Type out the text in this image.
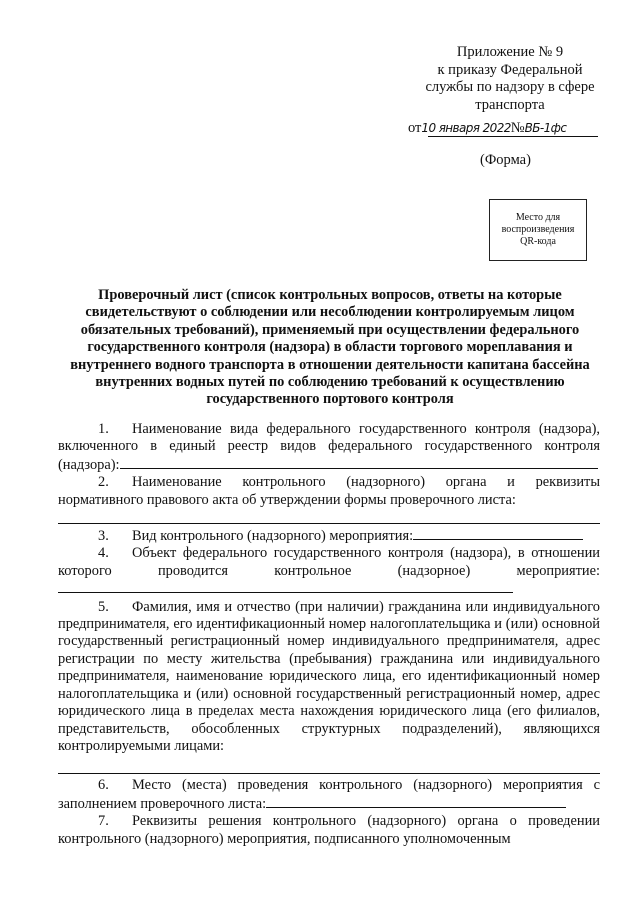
Приложение № 9
к приказу Федеральной
службы по надзору в сфере
транспорта
от10 января 2022№ВБ-1фс
(Форма)
Место для воспроизведения QR-кода
Проверочный лист (список контрольных вопросов, ответы на которые свидетельствуют о соблюдении или несоблюдении контролируемым лицом обязательных требований), применяемый при осуществлении федерального государственного контроля (надзора) в области торгового мореплавания и внутреннего водного транспорта в отношении деятельности капитана бассейна внутренних водных путей по соблюдению требований к осуществлению государственного портового контроля

1. Наименование вида федерального государственного контроля (надзора), включенного в единый реестр видов федерального государственного контроля (надзора):

2. Наименование контрольного (надзорного) органа и реквизиты нормативного правового акта об утверждении формы проверочного листа:

3. Вид контрольного (надзорного) мероприятия:

4. Объект федерального государственного контроля (надзора), в отношении которого проводится контрольное (надзорное) мероприятие:

5. Фамилия, имя и отчество (при наличии) гражданина или индивидуального предпринимателя, его идентификационный номер налогоплательщика и (или) основной государственный регистрационный номер индивидуального предпринимателя, адрес регистрации по месту жительства (пребывания) гражданина или индивидуального предпринимателя, наименование юридического лица, его идентификационный номер налогоплательщика и (или) основной государственный регистрационный номер, адрес юридического лица в пределах места нахождения юридического лица (его филиалов, представительств, обособленных структурных подразделений), являющихся контролируемыми лицами:

6. Место (места) проведения контрольного (надзорного) мероприятия с заполнением проверочного листа:

7. Реквизиты решения контрольного (надзорного) органа о проведении контрольного (надзорного) мероприятия, подписанного уполномоченным
